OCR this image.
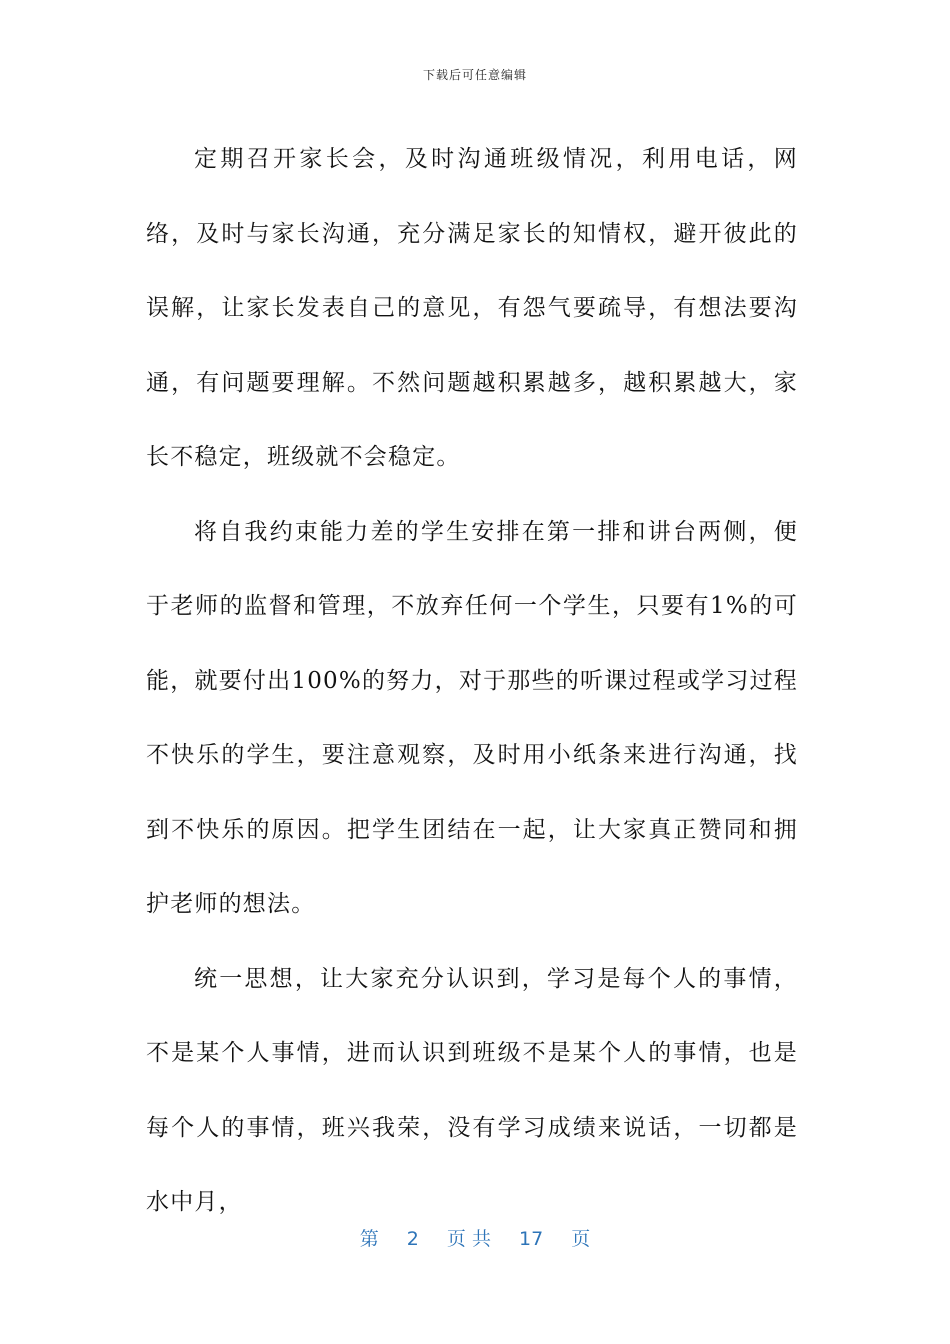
下载后可任意编辑

定期召开家长会，及时沟通班级情况，利用电话，网络，及时与家长沟通，充分满足家长的知情权，避开彼此的误解，让家长发表自己的意见，有怨气要疏导，有想法要沟通，有问题要理解。不然问题越积累越多，越积累越大，家长不稳定，班级就不会稳定。

将自我约束能力差的学生安排在第一排和讲台两侧，便于老师的监督和管理，不放弃任何一个学生，只要有1%的可能，就要付出100%的努力，对于那些的听课过程或学习过程不快乐的学生，要注意观察，及时用小纸条来进行沟通，找到不快乐的原因。把学生团结在一起，让大家真正赞同和拥护老师的想法。

统一思想，让大家充分认识到，学习是每个人的事情，不是某个人事情，进而认识到班级不是某个人的事情，也是每个人的事情，班兴我荣，没有学习成绩来说话，一切都是水中月，

第 2 页 共 17 页
